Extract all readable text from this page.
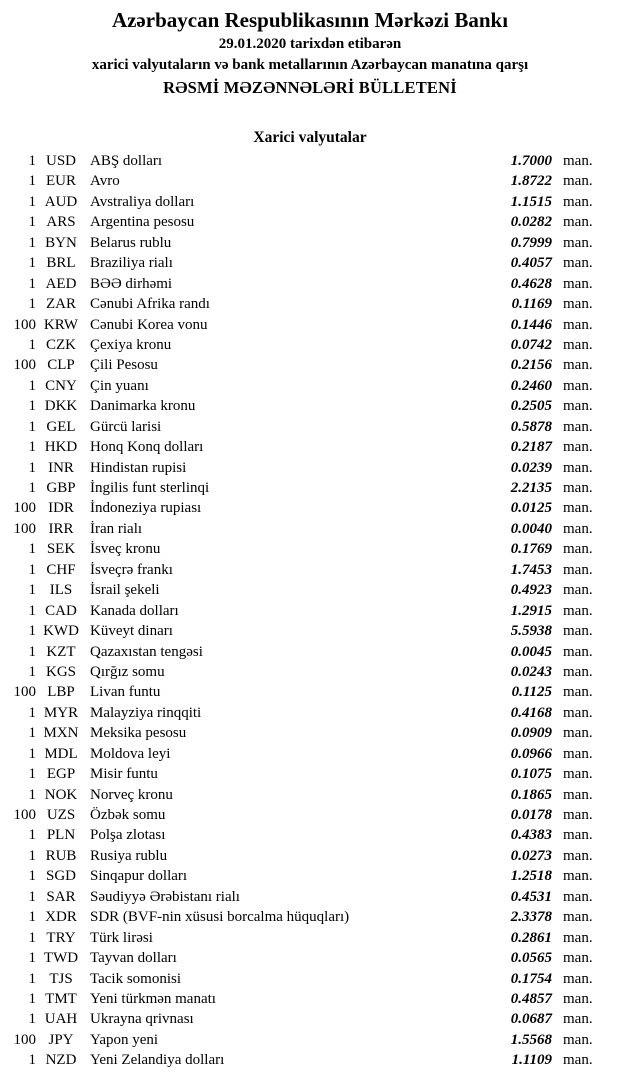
Azərbaycan Respublikasının Mərkəzi Bankı
29.01.2020 tarixdən etibarən
xarici valyutaların və bank metallarının Azərbaycan manatına qarşı
RƏSMİ MƏZƏNNƏLƏRİ BÜLLETENİ
Xarici valyutalar
1 USD ABŞ dolları	1.7000 man.
1 EUR Avro	1.8722 man.
1 AUD Avstraliya dolları	1.1515 man.
1 ARS Argentina pesosu	0.0282 man.
1 BYN Belarus rublu	0.7999 man.
1 BRL Braziliya rialı	0.4057 man.
1 AED BƏƏ dirhəmi	0.4628 man.
1 ZAR Cənubi Afrika randı	0.1169 man.
100 KRW Cənubi Korea vonu	0.1446 man.
1 CZK Çexiya kronu	0.0742 man.
100 CLP	Çili Pesosu	0.2156 man.
1 CNY Çin yuanı	0.2460 man.
1 DKK Danimarka kronu	0.2505 man.
1 GEL Gürcü larisi	0.5878 man.
1 HKD Honq Konq dolları	0.2187 man.
1 INR	Hindistan rupisi	0.0239 man.
1 GBP İngilis funt sterlinqi	2.2135 man.
100 IDR	İndoneziya rupiası	0.0125 man.
100 IRR	İran rialı	0.0040 man.
1 SEK İsveç kronu	0.1769 man.
1 CHF İsveçrə frankı	1.7453 man.
1 ILS	İsrail şekeli	0.4923 man.
1 CAD Kanada dolları	1.2915 man.
1 KWD Küveyt dinarı	5.5938 man.
1 KZT Qazaxıstan tengəsi	0.0045 man.
1 KGS Qırğız somu	0.0243 man.
100 LBP	Livan funtu	0.1125 man.
1 MYR Malayziya rinqqiti	0.4168 man.
1 MXN Meksika pesosu	0.0909 man.
1 MDL Moldova leyi	0.0966 man.
1 EGP Misir funtu	0.1075 man.
1 NOK Norveç kronu	0.1865 man.
100 UZS Özbək somu	0.0178 man.
1 PLN Polşa zlotası	0.4383 man.
1 RUB Rusiya rublu	0.0273 man.
1 SGD Sinqapur dolları	1.2518 man.
1 SAR Səudiyyə Ərəbistanı rialı	0.4531 man.
1 XDR SDR (BVF-nin xüsusi borcalma hüquqları)	2.3378 man.
1 TRY Türk lirəsi	0.2861 man.
1 TWD Tayvan dolları	0.0565 man.
1 TJS	Tacik somonisi	0.1754 man.
1 TMT Yeni türkmən manatı	0.4857 man.
1 UAH Ukrayna qrivnası	0.0687 man.
100 JPY	Yapon yeni	1.5568 man.
1 NZD Yeni Zelandiya dolları	1.1109 man.
